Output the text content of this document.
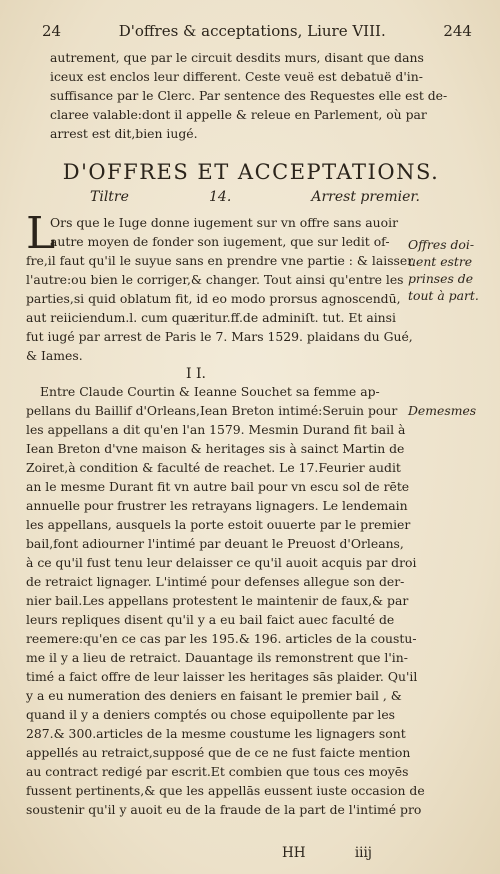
24	D'offres & acceptations, Liure VIII.	244
autrement, que par le circuit desdits murs, disant que dans
iceux est enclos leur different. Ceste veuë est debatuë d'in-
suffisance par le Clerc. Par sentence des Requestes elle est de-
claree valable:dont il appelle & releue en Parlement, où par
arrest est dit,bien iugé.
D'OFFRES ET ACCEPTATIONS.
Tiltre	14.	Arrest premier.
L
Ors que le Iuge donne iugement sur vn offre sans auoir
autre moyen de fonder son iugement, que sur ledit of-
fre,il faut qu'il le suyue sans en prendre vne partie : & laisser
l'autre:ou bien le corriger,& changer. Tout ainsi qu'entre les
parties,si quid oblatum fit, id eo modo prorsus agnoscendū,
aut reiiciendum.l. cum quæritur.ff.de adminiſt. tut. Et ainsi
fut iugé par arrest de Paris le 7. Mars 1529. plaidans du Gué,
& Iames.
Offres doi-
uent estre
prinses de
tout à part.
I I.
Demesmes
Entre Claude Courtin & Ieanne Souchet sa femme ap-
pellans du Baillif d'Orleans,Iean Breton intimé:Seruin pour
les appellans a dit qu'en l'an 1579. Mesmin Durand fit bail à
Iean Breton d'vne maison & heritages sis à sainct Martin de
Zoiret,à condition & faculté de reachet. Le 17.Feurier audit
an le mesme Durant fit vn autre bail pour vn escu sol de rēte
annuelle pour frustrer les retrayans lignagers. Le lendemain
les appellans, ausquels la porte estoit ouuerte par le premier
bail,font adiourner l'intimé par deuant le Preuost d'Orleans,
à ce qu'il fust tenu leur delaisser ce qu'il auoit acquis par droi
de retraict lignager. L'intimé pour defenses allegue son der-
nier bail.Les appellans protestent le maintenir de faux,& par
leurs repliques disent qu'il y a eu bail faict auec faculté de
reemere:qu'en ce cas par les 195.& 196. articles de la coustu-
me il y a lieu de retraict. Dauantage ils remonstrent que l'in-
timé a faict offre de leur laisser les heritages sās plaider. Qu'il
y a eu numeration des deniers en faisant le premier bail , &
quand il y a deniers comptés ou chose equipollente par les
287.& 300.articles de la mesme coustume les lignagers sont
appellés au retraict,supposé que de ce ne fust faicte mention
au contract redigé par escrit.Et combien que tous ces moyēs
fussent pertinents,& que les appellās eussent iuste occasion de
soustenir qu'il y auoit eu de la fraude de la part de l'intimé pro
HH	iiij
